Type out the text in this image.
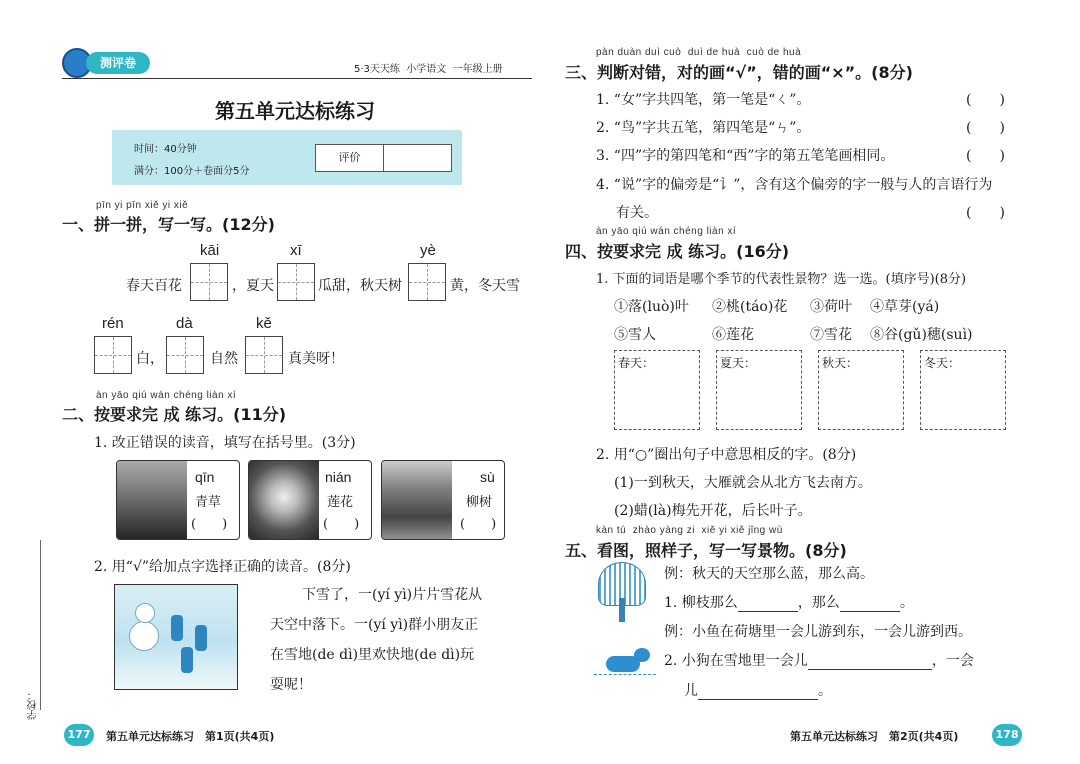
测评卷	5·3天天练  小学语文  一年级上册
第五单元达标练习
时间：40分钟
满分：100分＋卷面分5分
评价
pīn yi pīn xiě yi xiě
一、拼一拼，写一写。(12分)
kāi	xī	yè
春天百花	，夏天	瓜甜，秋天树	黄，冬天雪
rén	dà	kě
白，	自然	真美呀！
àn yāo qiú wán chéng liàn xí
二、按要求完 成 练习。(11分)
1. 改正错误的读音，填写在括号里。(3分)
qīn
青草
(　　)
nián
莲花
(　　)
sù
柳树
(　　)
2. 用“√”给加点字选择正确的读音。(8分)
下雪了，一(yí yì)片片雪花从
天空中落下。一(yí yì)群小朋友正
在雪地(de dì)里欢快地(de dì)玩
耍呢！
学校：
177	第五单元达标练习　第1页(共4页)
pàn duàn duì cuò  duì de huà  cuò de huà
三、判断对错，对的画“√”，错的画“×”。(8分)
1. “女”字共四笔，第一笔是“ㄑ”。	(　　)
2. “鸟”字共五笔，第四笔是“ㄣ”。	(　　)
3. “四”字的第四笔和“西”字的第五笔笔画相同。	(　　)
4. “说”字的偏旁是“讠”，含有这个偏旁的字一般与人的言语行为
有关。	(　　)
àn yāo qiú wán chéng liàn xí
四、按要求完 成 练习。(16分)
1. 下面的词语是哪个季节的代表性景物？选一选。(填序号)(8分)
①落(luò)叶 ②桃(táo)花 ③荷叶 ④草芽(yá)
⑤雪人	⑥莲花	⑦雪花 ⑧谷(gǔ)穗(suì)
春天：	夏天：	秋天：	冬天：
2. 用“○”圈出句子中意思相反的字。(8分)
(1)一到秋天，大雁就会从北方飞去南方。
(2)蜡(là)梅先开花，后长叶子。
kàn tú  zhào yàng zi  xiě yi xiě jǐng wù
五、看图，照样子，写一写景物。(8分)
例：秋天的天空那么蓝，那么高。
1. 柳枝那么	，那么	。
例：小鱼在荷塘里一会儿游到东，一会儿游到西。
2. 小狗在雪地里一会儿	，一会
儿	。
第五单元达标练习　第2页(共4页)	178
